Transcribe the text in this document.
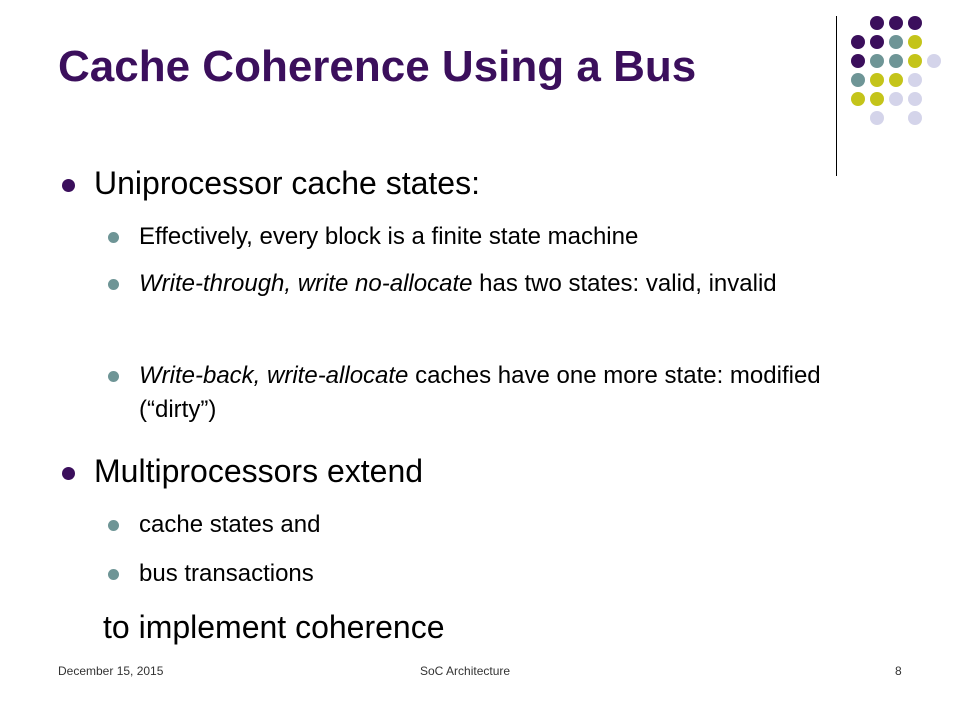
Cache Coherence Using a Bus
Uniprocessor cache states:
Effectively, every block is a finite state machine
Write-through, write no-allocate has two states: valid, invalid
Write-back, write-allocate caches have one more state: modified (“dirty”)
Multiprocessors extend
cache states and
bus transactions
to implement coherence
December 15, 2015	SoC Architecture	8
